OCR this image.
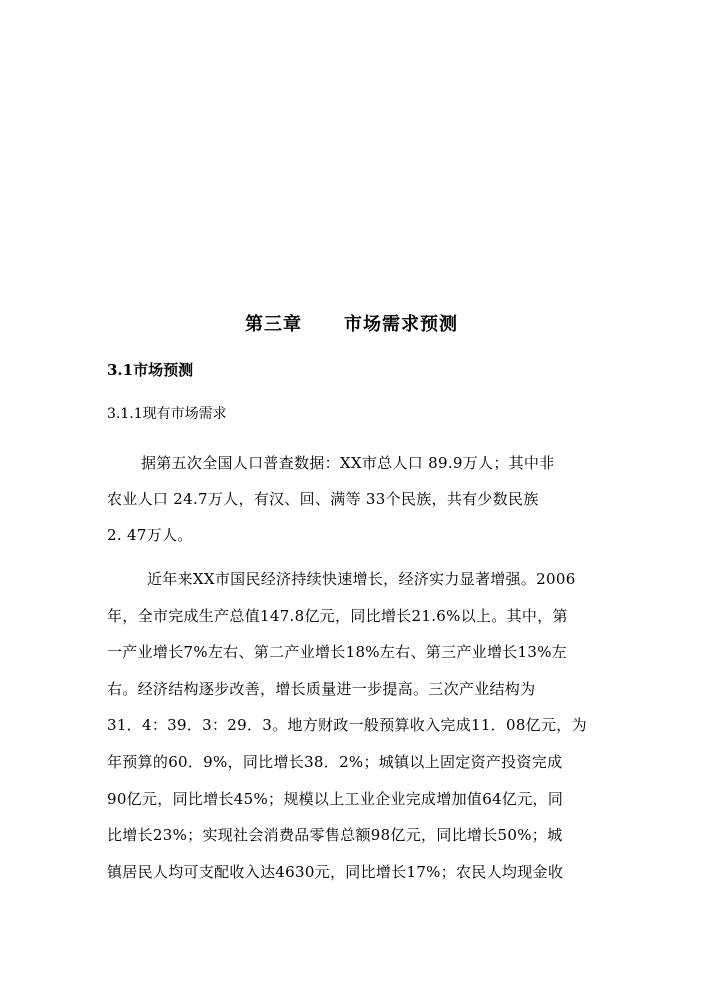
第三章 市场需求预测
3.1市场预测
3.1.1现有市场需求

据第五次全国人口普查数据：XX市总人口 89.9万人；其中非
农业人口 24.7万人，有汉、回、满等 33个民族，共有少数民族
2. 47万人。

近年来XX市国民经济持续快速增长，经济实力显著增强。2006
年，全市完成生产总值147.8亿元，同比增长21.6%以上。其中，第
一产业增长7%左右、第二产业增长18%左右、第三产业增长13%左
右。经济结构逐步改善，增长质量进一步提高。三次产业结构为
31．4：39．3：29．3。地方财政一般预算收入完成11．08亿元，为
年预算的60．9%，同比增长38．2%；城镇以上固定资产投资完成
90亿元，同比增长45%；规模以上工业企业完成增加值64亿元，同
比增长23%；实现社会消费品零售总额98亿元，同比增长50%；城
镇居民人均可支配收入达4630元，同比增长17%；农民人均现金收
